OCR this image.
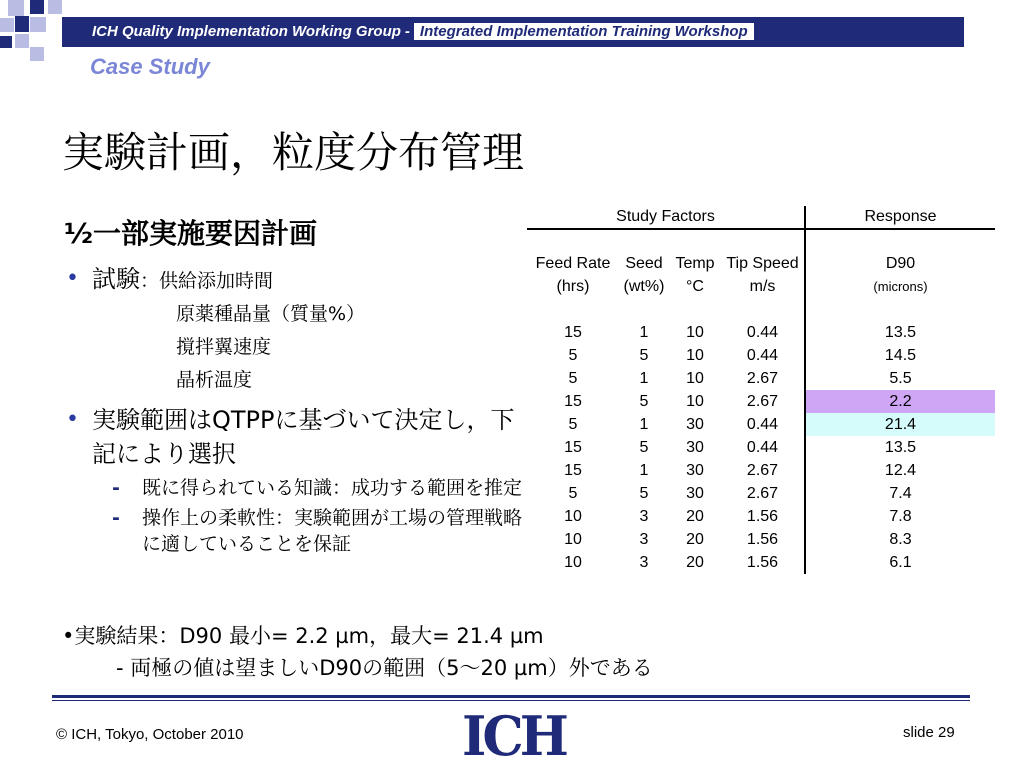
ICH Quality Implementation Working Group - Integrated Implementation Training Workshop
Case Study
実験計画，粒度分布管理
½一部実施要因計画
• 試験：供給添加時間
原薬種晶量（質量%）
撹拌翼速度
晶析温度
• 実験範囲はQTPPに基づいて決定し，下記により選択
- 既に得られている知識：成功する範囲を推定
- 操作上の柔軟性：実験範囲が工場の管理戦略に適していることを保証
•実験結果：D90 最小= 2.2 µm，最大= 21.4 µm
- 両極の値は望ましいD90の範囲（5～20 µm）外である
Study Factors				Response

Feed Rate	Seed	Temp	Tip Speed	D90
(hrs)	(wt%)	°C	m/s	(microns)

15	1	10	0.44	13.5
5	5	10	0.44	14.5
5	1	10	2.67	5.5
15	5	10	2.67	2.2
5	1	30	0.44	21.4
15	5	30	0.44	13.5
15	1	30	2.67	12.4
5	5	30	2.67	7.4
10	3	20	1.56	7.8
10	3	20	1.56	8.3
10	3	20	1.56	6.1
© ICH, Tokyo, October 2010	ICH	slide 29
